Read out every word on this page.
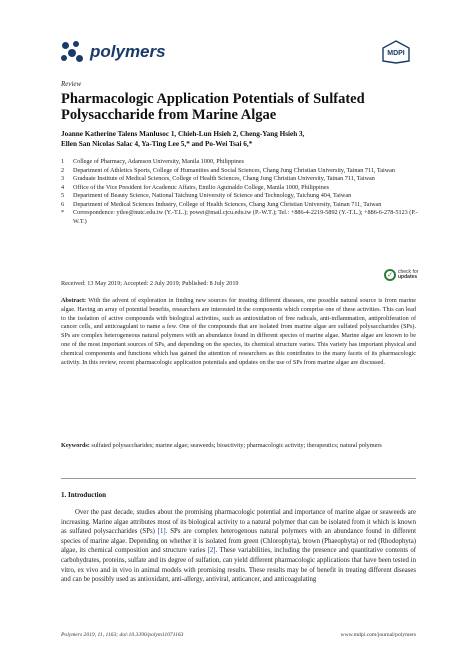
polymers	MDPI
Review
Pharmacologic Application Potentials of Sulfated Polysaccharide from Marine Algae
Joanne Katherine Talens Manlusoc 1, Chieh-Lun Hsieh 2, Cheng-Yang Hsieh 3,
Ellen San Nicolas Salac 4, Ya-Ting Lee 5,* and Po-Wei Tsai 6,*
1	College of Pharmacy, Adamson University, Manila 1000, Philippines
2	Department of Athletics Sports, College of Humanities and Social Sciences, Chang Jung Christian University, Tainan 711, Taiwan
3	Graduate Institute of Medical Sciences, College of Health Sciences, Chang Jung Christian University, Tainan 711, Taiwan
4	Office of the Vice President for Academic Affairs, Emilio Aguinaldo College, Manila 1000, Philippines
5	Department of Beauty Science, National Taichung University of Science and Technology, Taichung 404, Taiwan
6	Department of Medical Sciences Industry, College of Health Sciences, Chang Jung Christian University, Tainan 711, Taiwan
*	Correspondence: ytlee@nutc.edu.tw (Y.-T.L.); powei@mail.cjcu.edu.tw (P.-W.T.); Tel.: +886-4-2219-5892 (Y.-T.L.); +886-6-278-5123 (P.-W.T.)
✓	check for
updates
Received: 13 May 2019; Accepted: 2 July 2019; Published: 8 July 2019
Abstract: With the advent of exploration in finding new sources for treating different diseases, one possible natural source is from marine algae. Having an array of potential benefits, researchers are interested in the components which comprise one of these activities. This can lead to the isolation of active compounds with biological activities, such as antioxidation of free radicals, anti-inflammation, antiproliferation of cancer cells, and anticoagulant to name a few. One of the compounds that are isolated from marine algae are sulfated polysaccharides (SPs). SPs are complex heterogeneous natural polymers with an abundance found in different species of marine algae. Marine algae are known to be one of the most important sources of SPs, and depending on the species, its chemical structure varies. This variety has important physical and chemical components and functions which has gained the attention of researchers as this contributes to the many facets of its pharmacologic activity. In this review, recent pharmacologic application potentials and updates on the use of SPs from marine algae are discussed.
Keywords: sulfated polysaccharides; marine algae; seaweeds; bioactivity; pharmacologic activity; therapeutics; natural polymers
1. Introduction
Over the past decade, studies about the promising pharmacologic potential and importance of marine algae or seaweeds are increasing. Marine algae attributes most of its biological activity to a natural polymer that can be isolated from it which is known as sulfated polysaccharides (SPs) [1]. SPs are complex heterogenous natural polymers with an abundance found in different species of marine algae. Depending on whether it is isolated from green (Chlorophyta), brown (Phaeophyta) or red (Rhodophyta) algae, its chemical composition and structure varies [2]. These variabilities, including the presence and quantitative contents of carbohydrates, proteins, sulfate and its degree of sulfation, can yield different pharmacologic applications that have been tested in vitro, ex vivo and in vivo in animal models with promising results. These results may be of benefit in treating different diseases and can be possibly used as antioxidant, anti-allergy, antiviral, anticancer, and anticoagulating
Polymers 2019, 11, 1163; doi:10.3390/polym11071163	www.mdpi.com/journal/polymers
